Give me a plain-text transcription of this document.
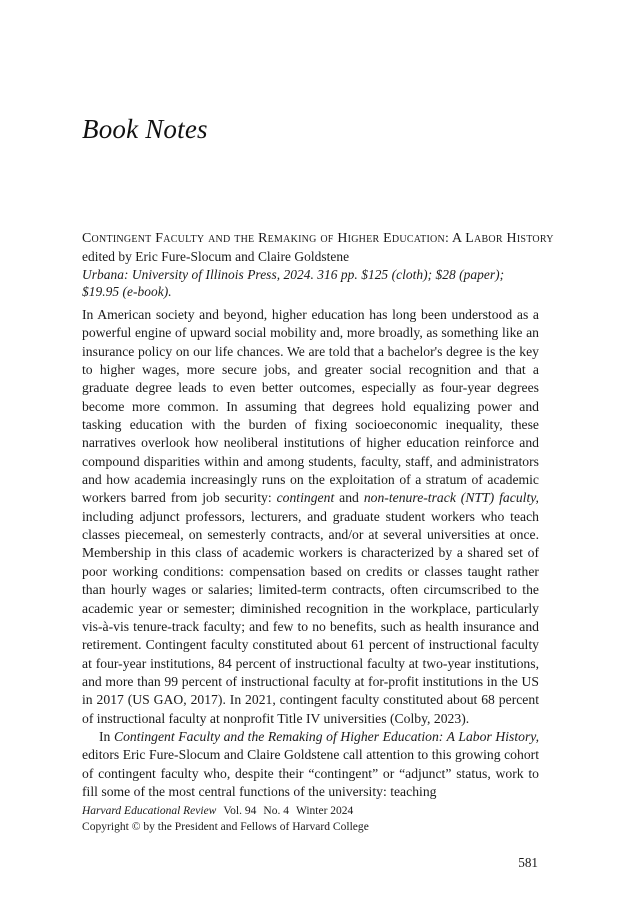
Book Notes
Contingent Faculty and the Remaking of Higher Education: A Labor History
edited by Eric Fure-Slocum and Claire Goldstene
Urbana: University of Illinois Press, 2024. 316 pp. $125 (cloth); $28 (paper);
$19.95 (e-book).

In American society and beyond, higher education has long been understood as a powerful engine of upward social mobility and, more broadly, as something like an insurance policy on our life chances. We are told that a bachelor's degree is the key to higher wages, more secure jobs, and greater social recognition and that a graduate degree leads to even better outcomes, especially as four-year degrees become more common. In assuming that degrees hold equalizing power and tasking education with the burden of fixing socioeconomic inequality, these narratives overlook how neoliberal institutions of higher education reinforce and compound disparities within and among students, faculty, staff, and administrators and how academia increasingly runs on the exploitation of a stratum of academic workers barred from job security: contingent and non-tenure-track (NTT) faculty, including adjunct professors, lecturers, and graduate student workers who teach classes piecemeal, on semesterly contracts, and/or at several universities at once. Membership in this class of academic workers is characterized by a shared set of poor working conditions: compensation based on credits or classes taught rather than hourly wages or salaries; limited-term contracts, often circumscribed to the academic year or semester; diminished recognition in the workplace, particularly vis-à-vis tenure-track faculty; and few to no benefits, such as health insurance and retirement. Contingent faculty constituted about 61 percent of instructional faculty at four-year institutions, 84 percent of instructional faculty at two-year institutions, and more than 99 percent of instructional faculty at for-profit institutions in the US in 2017 (US GAO, 2017). In 2021, contingent faculty constituted about 68 percent of instructional faculty at nonprofit Title IV universities (Colby, 2023).

In Contingent Faculty and the Remaking of Higher Education: A Labor History, editors Eric Fure-Slocum and Claire Goldstene call attention to this growing cohort of contingent faculty who, despite their “contingent” or “adjunct” status, work to fill some of the most central functions of the university: teaching

Harvard Educational Review Vol. 94 No. 4 Winter 2024
Copyright © by the President and Fellows of Harvard College
581
